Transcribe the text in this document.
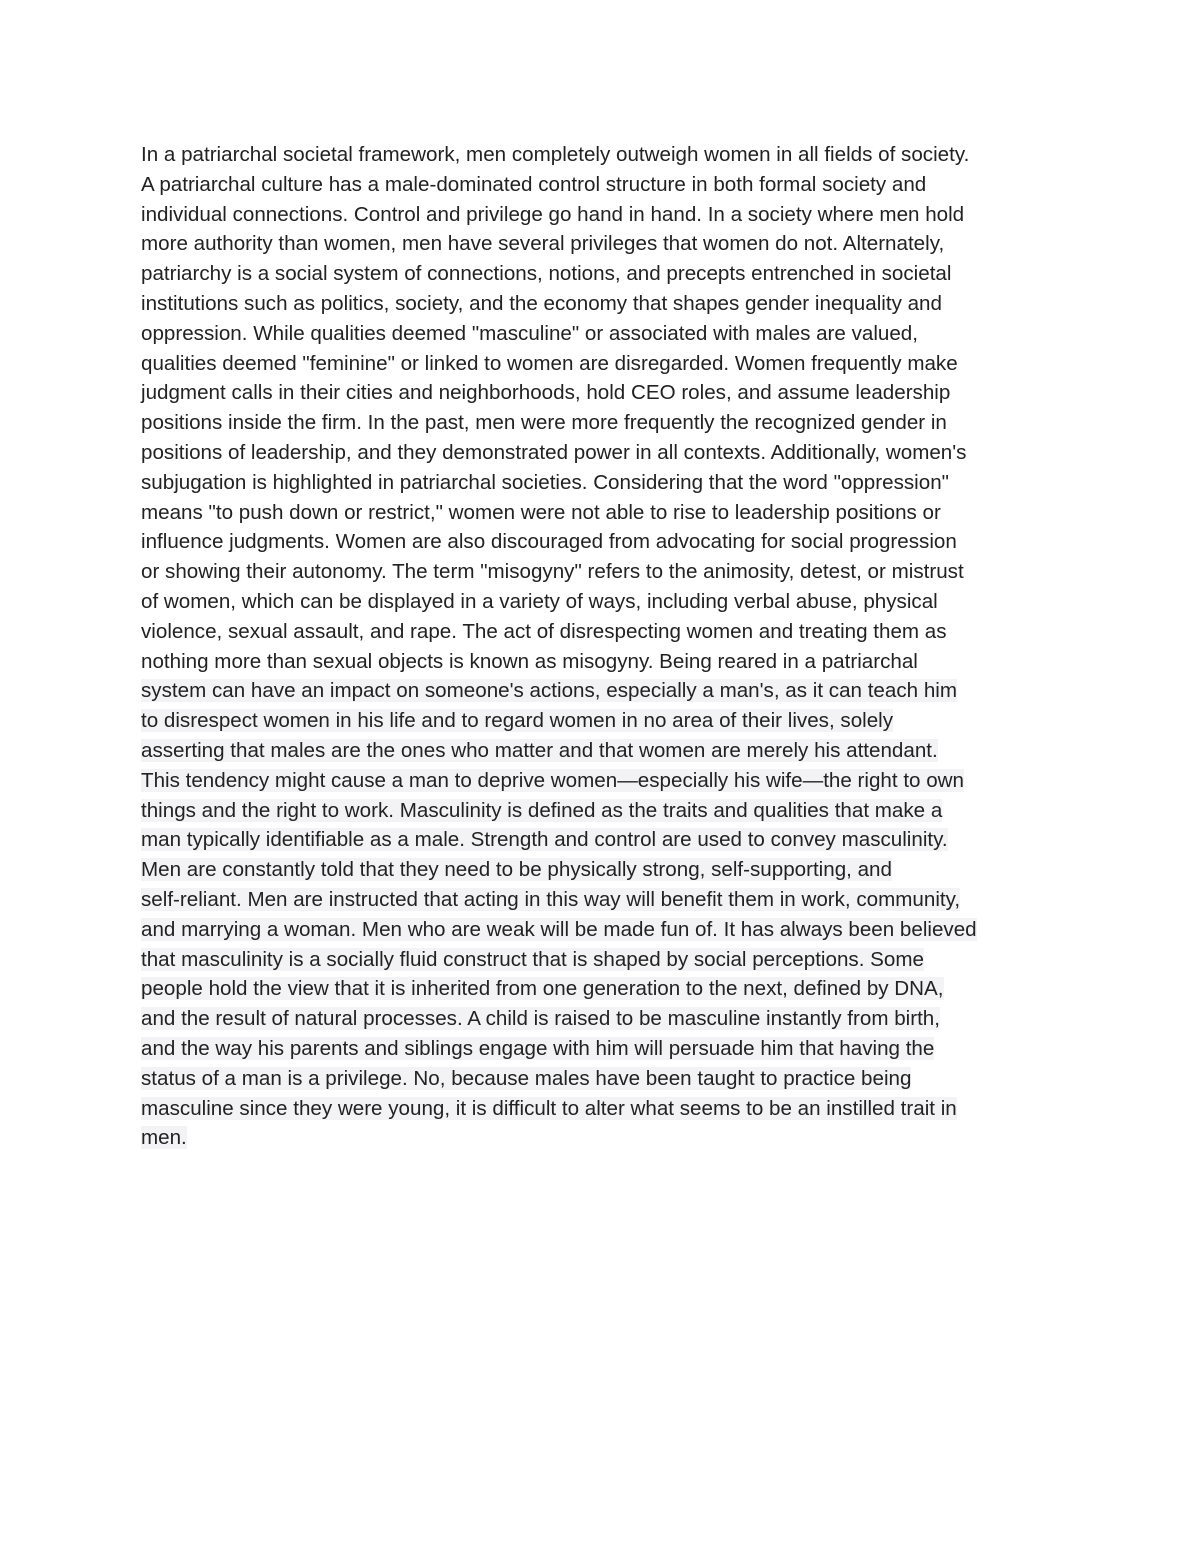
In a patriarchal societal framework, men completely outweigh women in all fields of society.
A patriarchal culture has a male-dominated control structure in both formal society and
individual connections. Control and privilege go hand in hand. In a society where men hold
more authority than women, men have several privileges that women do not. Alternately,
patriarchy is a social system of connections, notions, and precepts entrenched in societal
institutions such as politics, society, and the economy that shapes gender inequality and
oppression. While qualities deemed "masculine" or associated with males are valued,
qualities deemed "feminine" or linked to women are disregarded. Women frequently make
judgment calls in their cities and neighborhoods, hold CEO roles, and assume leadership
positions inside the firm. In the past, men were more frequently the recognized gender in
positions of leadership, and they demonstrated power in all contexts. Additionally, women's
subjugation is highlighted in patriarchal societies. Considering that the word "oppression"
means "to push down or restrict," women were not able to rise to leadership positions or
influence judgments. Women are also discouraged from advocating for social progression
or showing their autonomy. The term "misogyny" refers to the animosity, detest, or mistrust
of women, which can be displayed in a variety of ways, including verbal abuse, physical
violence, sexual assault, and rape. The act of disrespecting women and treating them as
nothing more than sexual objects is known as misogyny. Being reared in a patriarchal
system can have an impact on someone's actions, especially a man's, as it can teach him
to disrespect women in his life and to regard women in no area of their lives, solely
asserting that males are the ones who matter and that women are merely his attendant.
This tendency might cause a man to deprive women—especially his wife—the right to own
things and the right to work. Masculinity is defined as the traits and qualities that make a
man typically identifiable as a male. Strength and control are used to convey masculinity.
Men are constantly told that they need to be physically strong, self-supporting, and
self-reliant. Men are instructed that acting in this way will benefit them in work, community,
and marrying a woman. Men who are weak will be made fun of. It has always been believed
that masculinity is a socially fluid construct that is shaped by social perceptions. Some
people hold the view that it is inherited from one generation to the next, defined by DNA,
and the result of natural processes. A child is raised to be masculine instantly from birth,
and the way his parents and siblings engage with him will persuade him that having the
status of a man is a privilege. No, because males have been taught to practice being
masculine since they were young, it is difficult to alter what seems to be an instilled trait in
men.
